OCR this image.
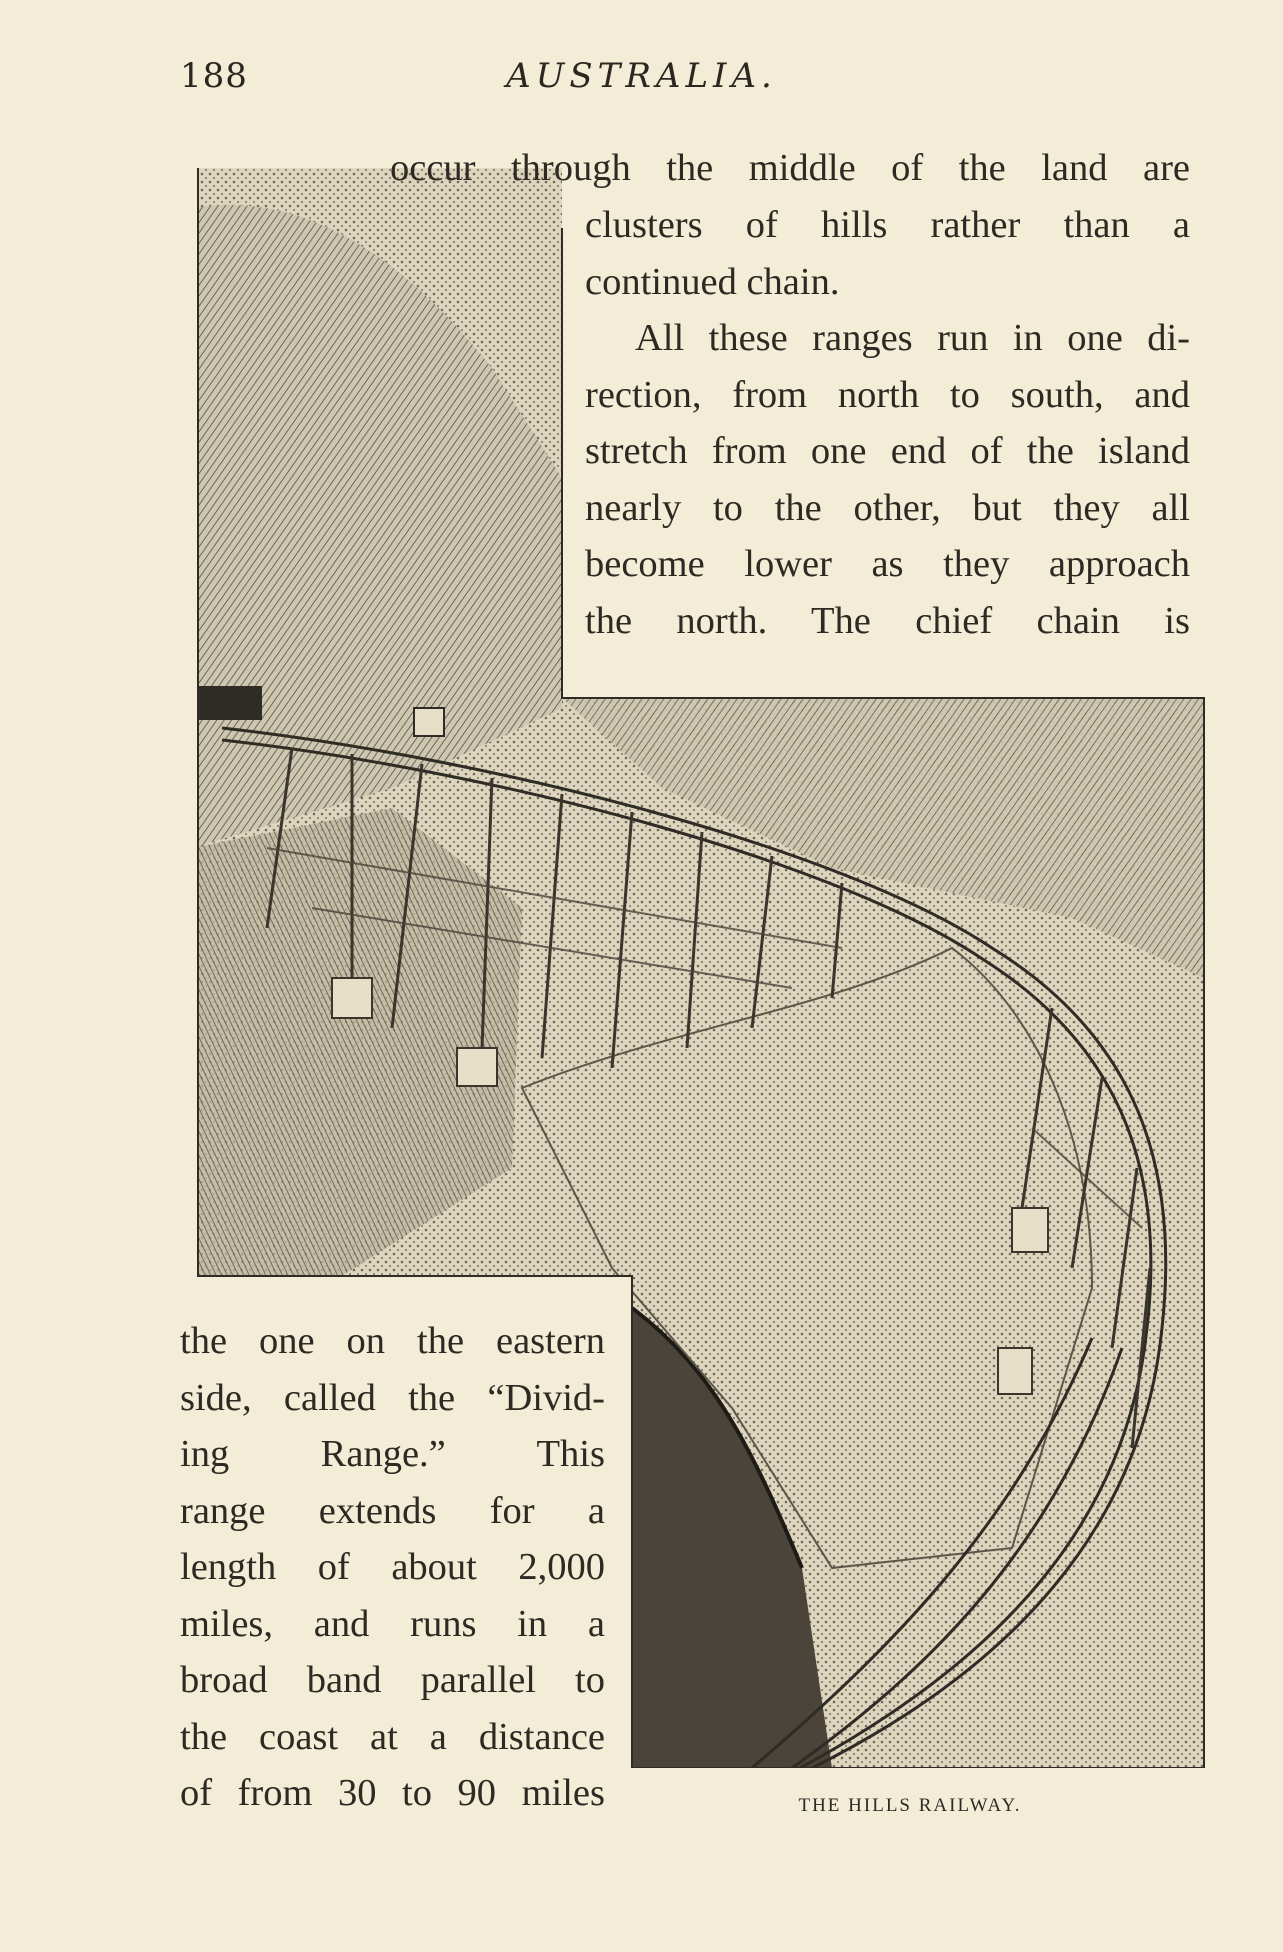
188	AUSTRALIA.
occur through the middle of the land are
clusters of hills rather than a
continued chain.
All these ranges run in one di-
rection, from north to south, and
stretch from one end of the island
nearly to the other, but they all
become lower as they approach
the north. The chief chain is
the one on the eastern
side, called the “Divid-
ing Range.” This
range extends for a
length of about 2,000
miles, and runs in a
broad band parallel to
the coast at a distance
of from 30 to 90 miles	THE HILLS RAILWAY.
